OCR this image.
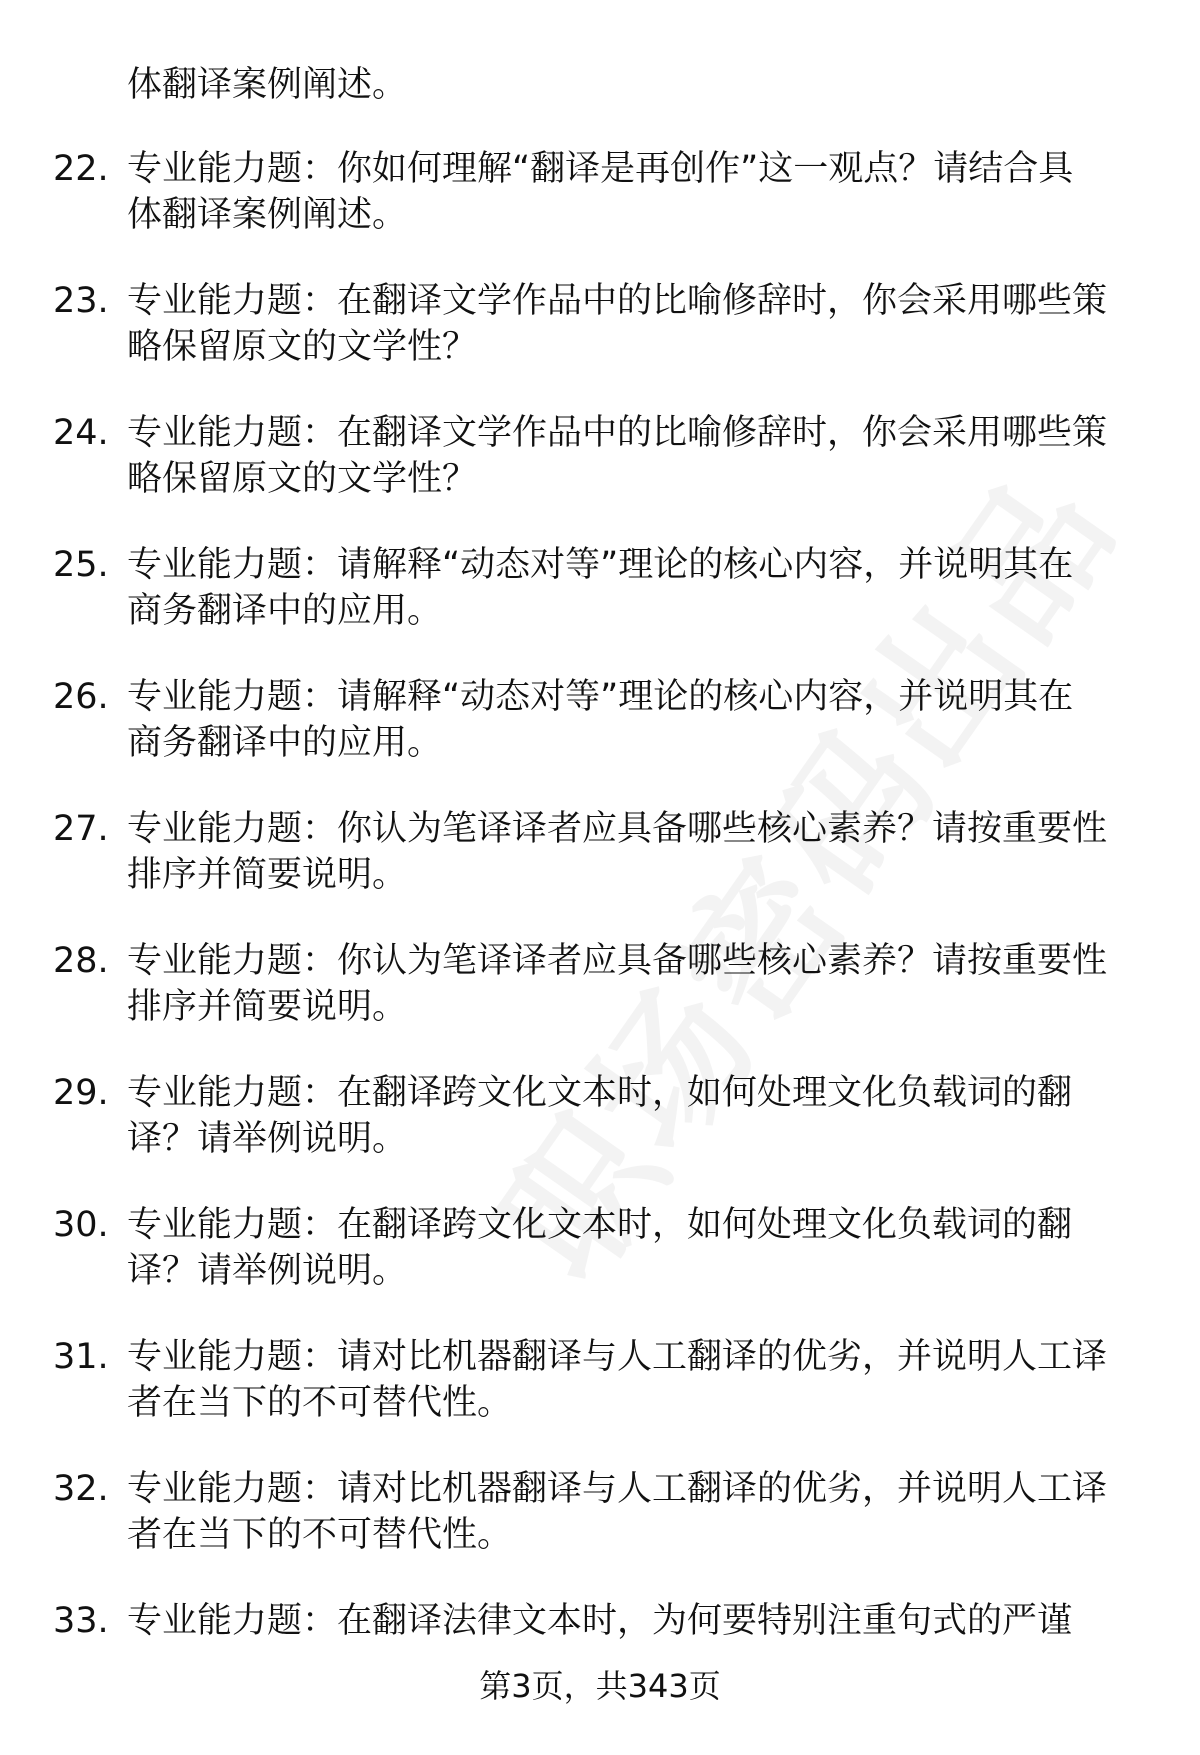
体翻译案例阐述。

22. 专业能力题：你如何理解“翻译是再创作”这一观点？请结合具
体翻译案例阐述。
23. 专业能力题：在翻译文学作品中的比喻修辞时，你会采用哪些策
略保留原文的文学性？
24. 专业能力题：在翻译文学作品中的比喻修辞时，你会采用哪些策
略保留原文的文学性？
25. 专业能力题：请解释“动态对等”理论的核心内容，并说明其在
商务翻译中的应用。
26. 专业能力题：请解释“动态对等”理论的核心内容，并说明其在
商务翻译中的应用。
27. 专业能力题：你认为笔译译者应具备哪些核心素养？请按重要性
排序并简要说明。
28. 专业能力题：你认为笔译译者应具备哪些核心素养？请按重要性
排序并简要说明。
29. 专业能力题：在翻译跨文化文本时，如何处理文化负载词的翻
译？请举例说明。
30. 专业能力题：在翻译跨文化文本时，如何处理文化负载词的翻
译？请举例说明。
31. 专业能力题：请对比机器翻译与人工翻译的优劣，并说明人工译
者在当下的不可替代性。
32. 专业能力题：请对比机器翻译与人工翻译的优劣，并说明人工译
者在当下的不可替代性。
33. 专业能力题：在翻译法律文本时，为何要特别注重句式的严谨
第3页，共343页
